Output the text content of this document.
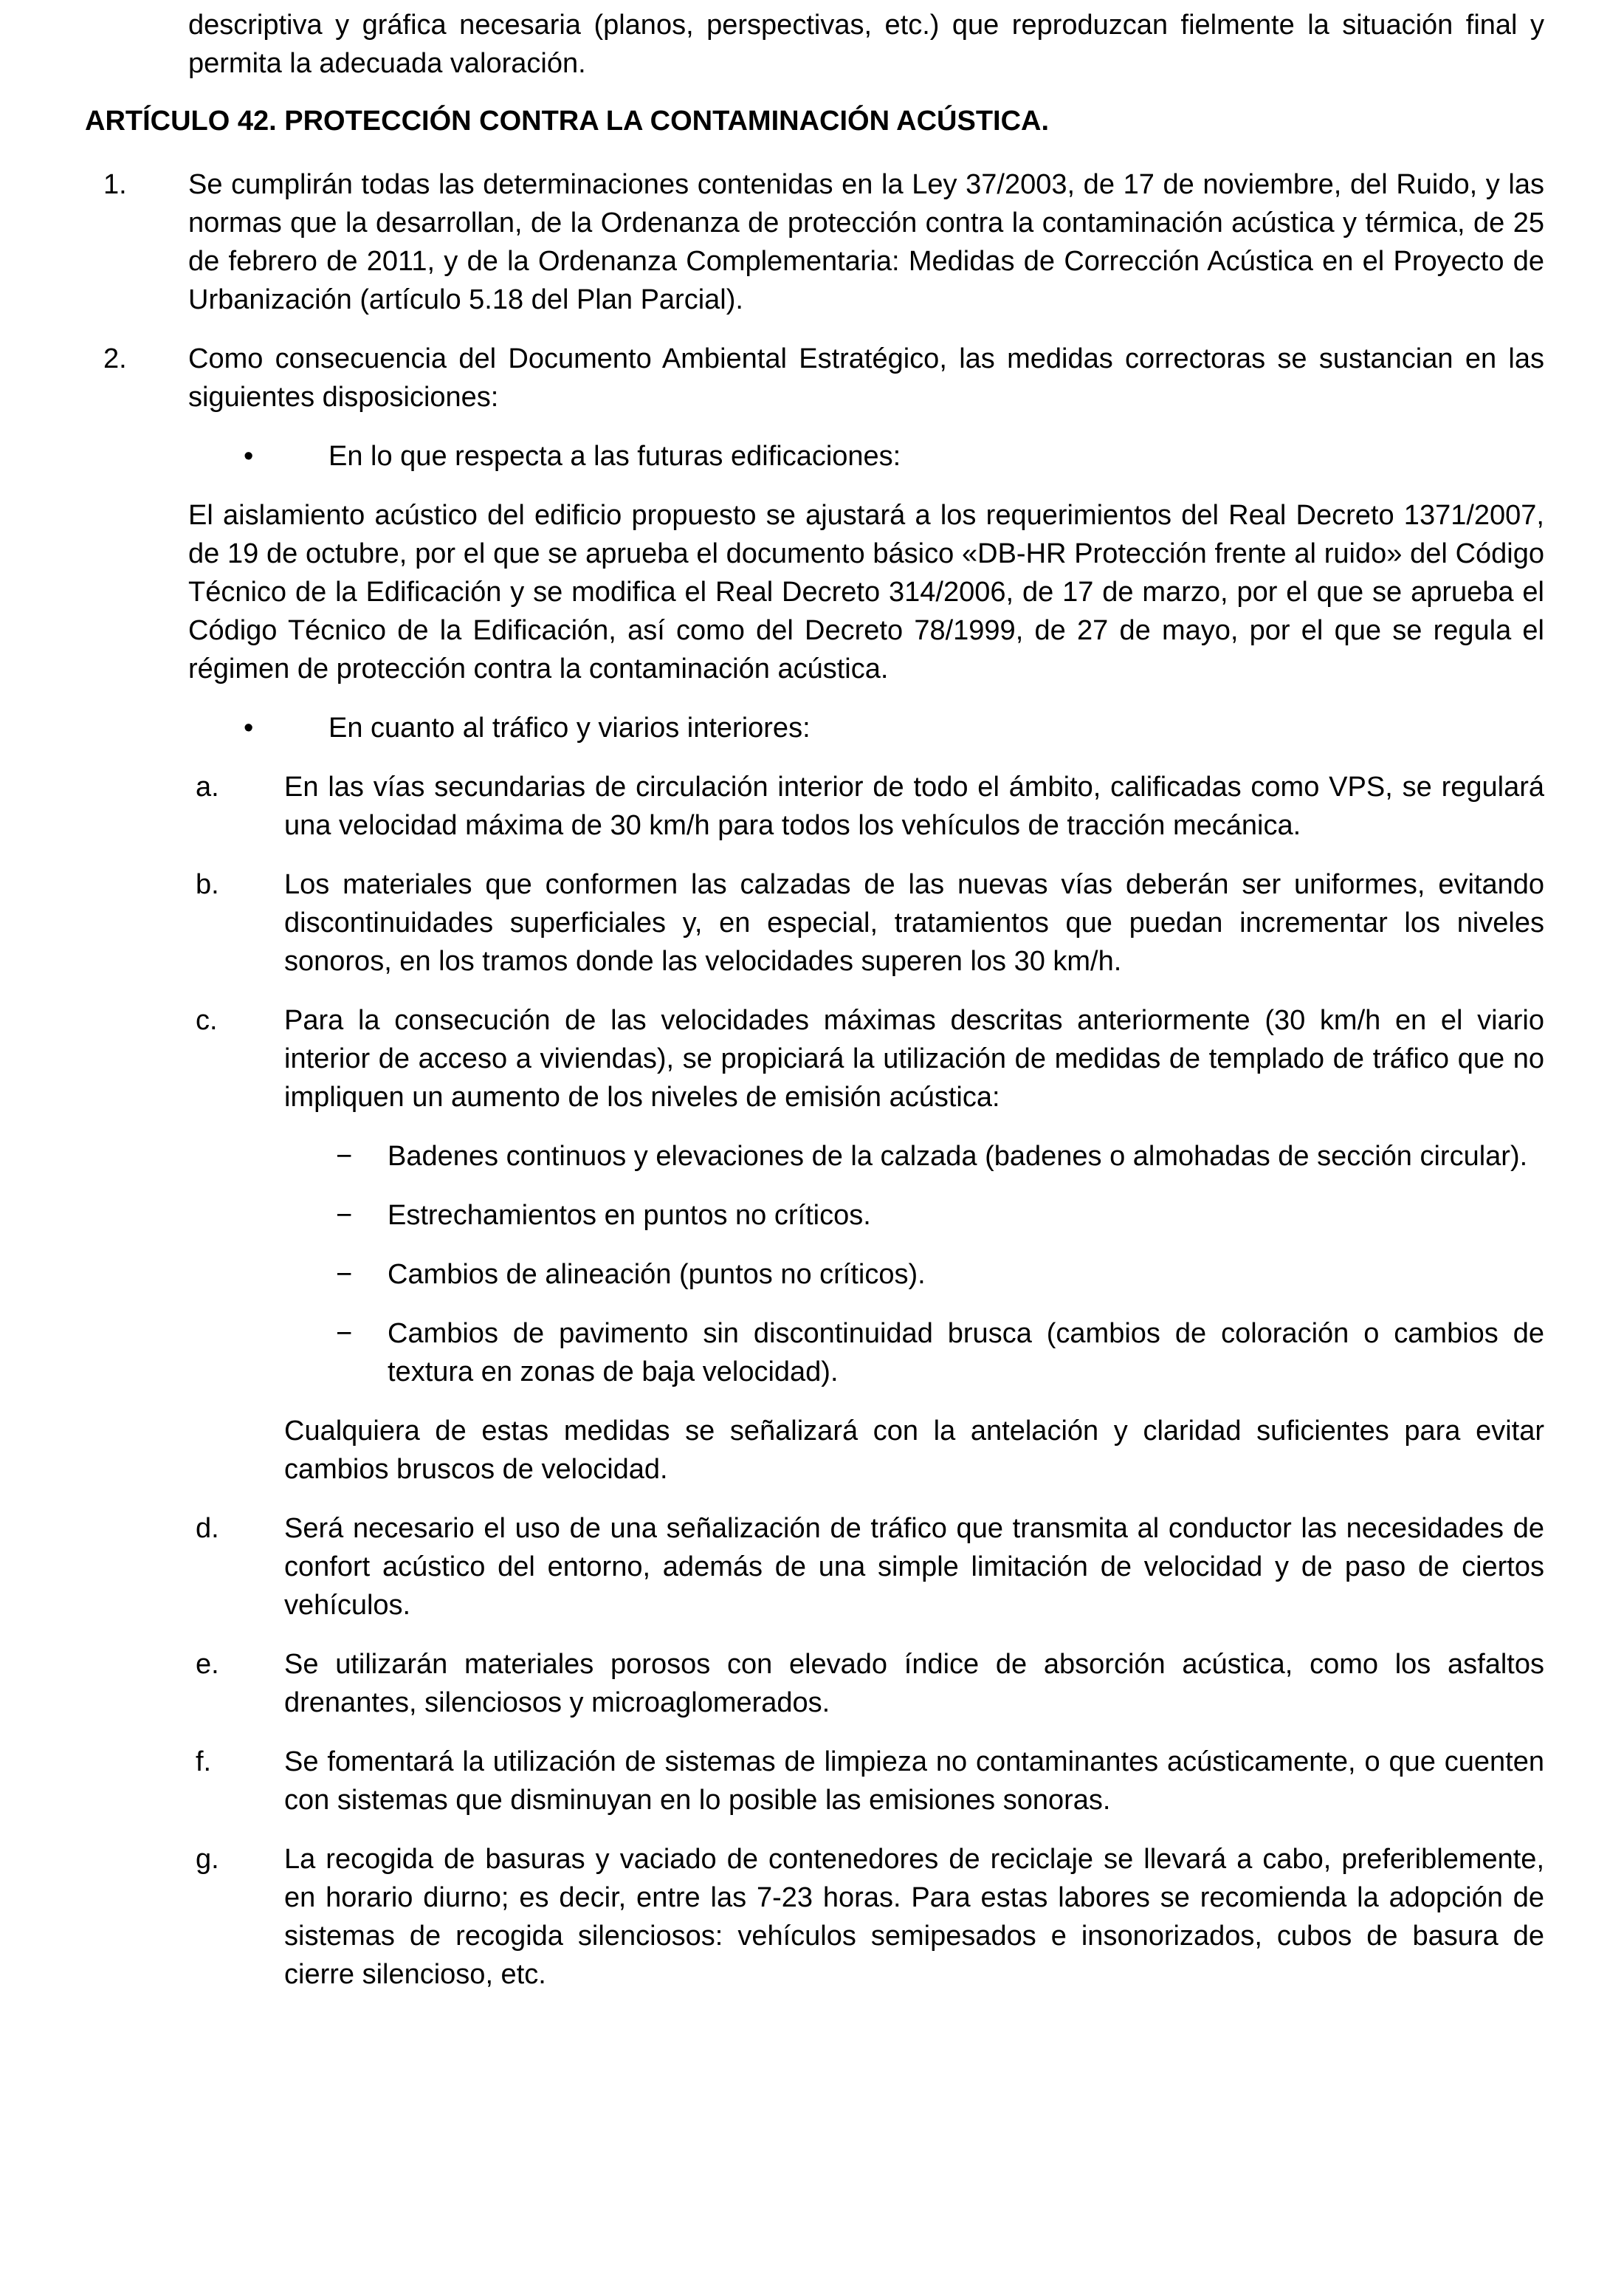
descriptiva y gráfica necesaria (planos, perspectivas, etc.) que reproduzcan fielmente la situación final y permita la adecuada valoración.

ARTÍCULO 42. PROTECCIÓN CONTRA LA CONTAMINACIÓN ACÚSTICA.
1.	Se cumplirán todas las determinaciones contenidas en la Ley 37/2003, de 17 de noviembre, del Ruido, y las normas que la desarrollan, de la Ordenanza de protección contra la contaminación acústica y térmica, de 25 de febrero de 2011, y de la Ordenanza Complementaria: Medidas de Corrección Acústica en el Proyecto de Urbanización (artículo 5.18 del Plan Parcial).

2.	Como consecuencia del Documento Ambiental Estratégico, las medidas correctoras se sustancian en las siguientes disposiciones:

•	En lo que respecta a las futuras edificaciones:

El aislamiento acústico del edificio propuesto se ajustará a los requerimientos del Real Decreto 1371/2007, de 19 de octubre, por el que se aprueba el documento básico «DB-HR Protección frente al ruido» del Código Técnico de la Edificación y se modifica el Real Decreto 314/2006, de 17 de marzo, por el que se aprueba el Código Técnico de la Edificación, así como del Decreto 78/1999, de 27 de mayo, por el que se regula el régimen de protección contra la contaminación acústica.

•	En cuanto al tráfico y viarios interiores:

a.	En las vías secundarias de circulación interior de todo el ámbito, calificadas como VPS, se regulará una velocidad máxima de 30 km/h para todos los vehículos de tracción mecánica.

b.	Los materiales que conformen las calzadas de las nuevas vías deberán ser uniformes, evitando discontinuidades superficiales y, en especial, tratamientos que puedan incrementar los niveles sonoros, en los tramos donde las velocidades superen los 30 km/h.

c.	Para la consecución de las velocidades máximas descritas anteriormente (30 km/h en el viario interior de acceso a viviendas), se propiciará la utilización de medidas de templado de tráfico que no impliquen un aumento de los niveles de emisión acústica:

−	Badenes continuos y elevaciones de la calzada (badenes o almohadas de sección circular).

−	Estrechamientos en puntos no críticos.

−	Cambios de alineación (puntos no críticos).

−	Cambios de pavimento sin discontinuidad brusca (cambios de coloración o cambios de textura en zonas de baja velocidad).

Cualquiera de estas medidas se señalizará con la antelación y claridad suficientes para evitar cambios bruscos de velocidad.

d.	Será necesario el uso de una señalización de tráfico que transmita al conductor las necesidades de confort acústico del entorno, además de una simple limitación de velocidad y de paso de ciertos vehículos.

e.	Se utilizarán materiales porosos con elevado índice de absorción acústica, como los asfaltos drenantes, silenciosos y microaglomerados.

f.	Se fomentará la utilización de sistemas de limpieza no contaminantes acústicamente, o que cuenten con sistemas que disminuyan en lo posible las emisiones sonoras.

g.	La recogida de basuras y vaciado de contenedores de reciclaje se llevará a cabo, preferiblemente, en horario diurno; es decir, entre las 7-23 horas. Para estas labores se recomienda la adopción de sistemas de recogida silenciosos: vehículos semipesados e insonorizados, cubos de basura de cierre silencioso, etc.
